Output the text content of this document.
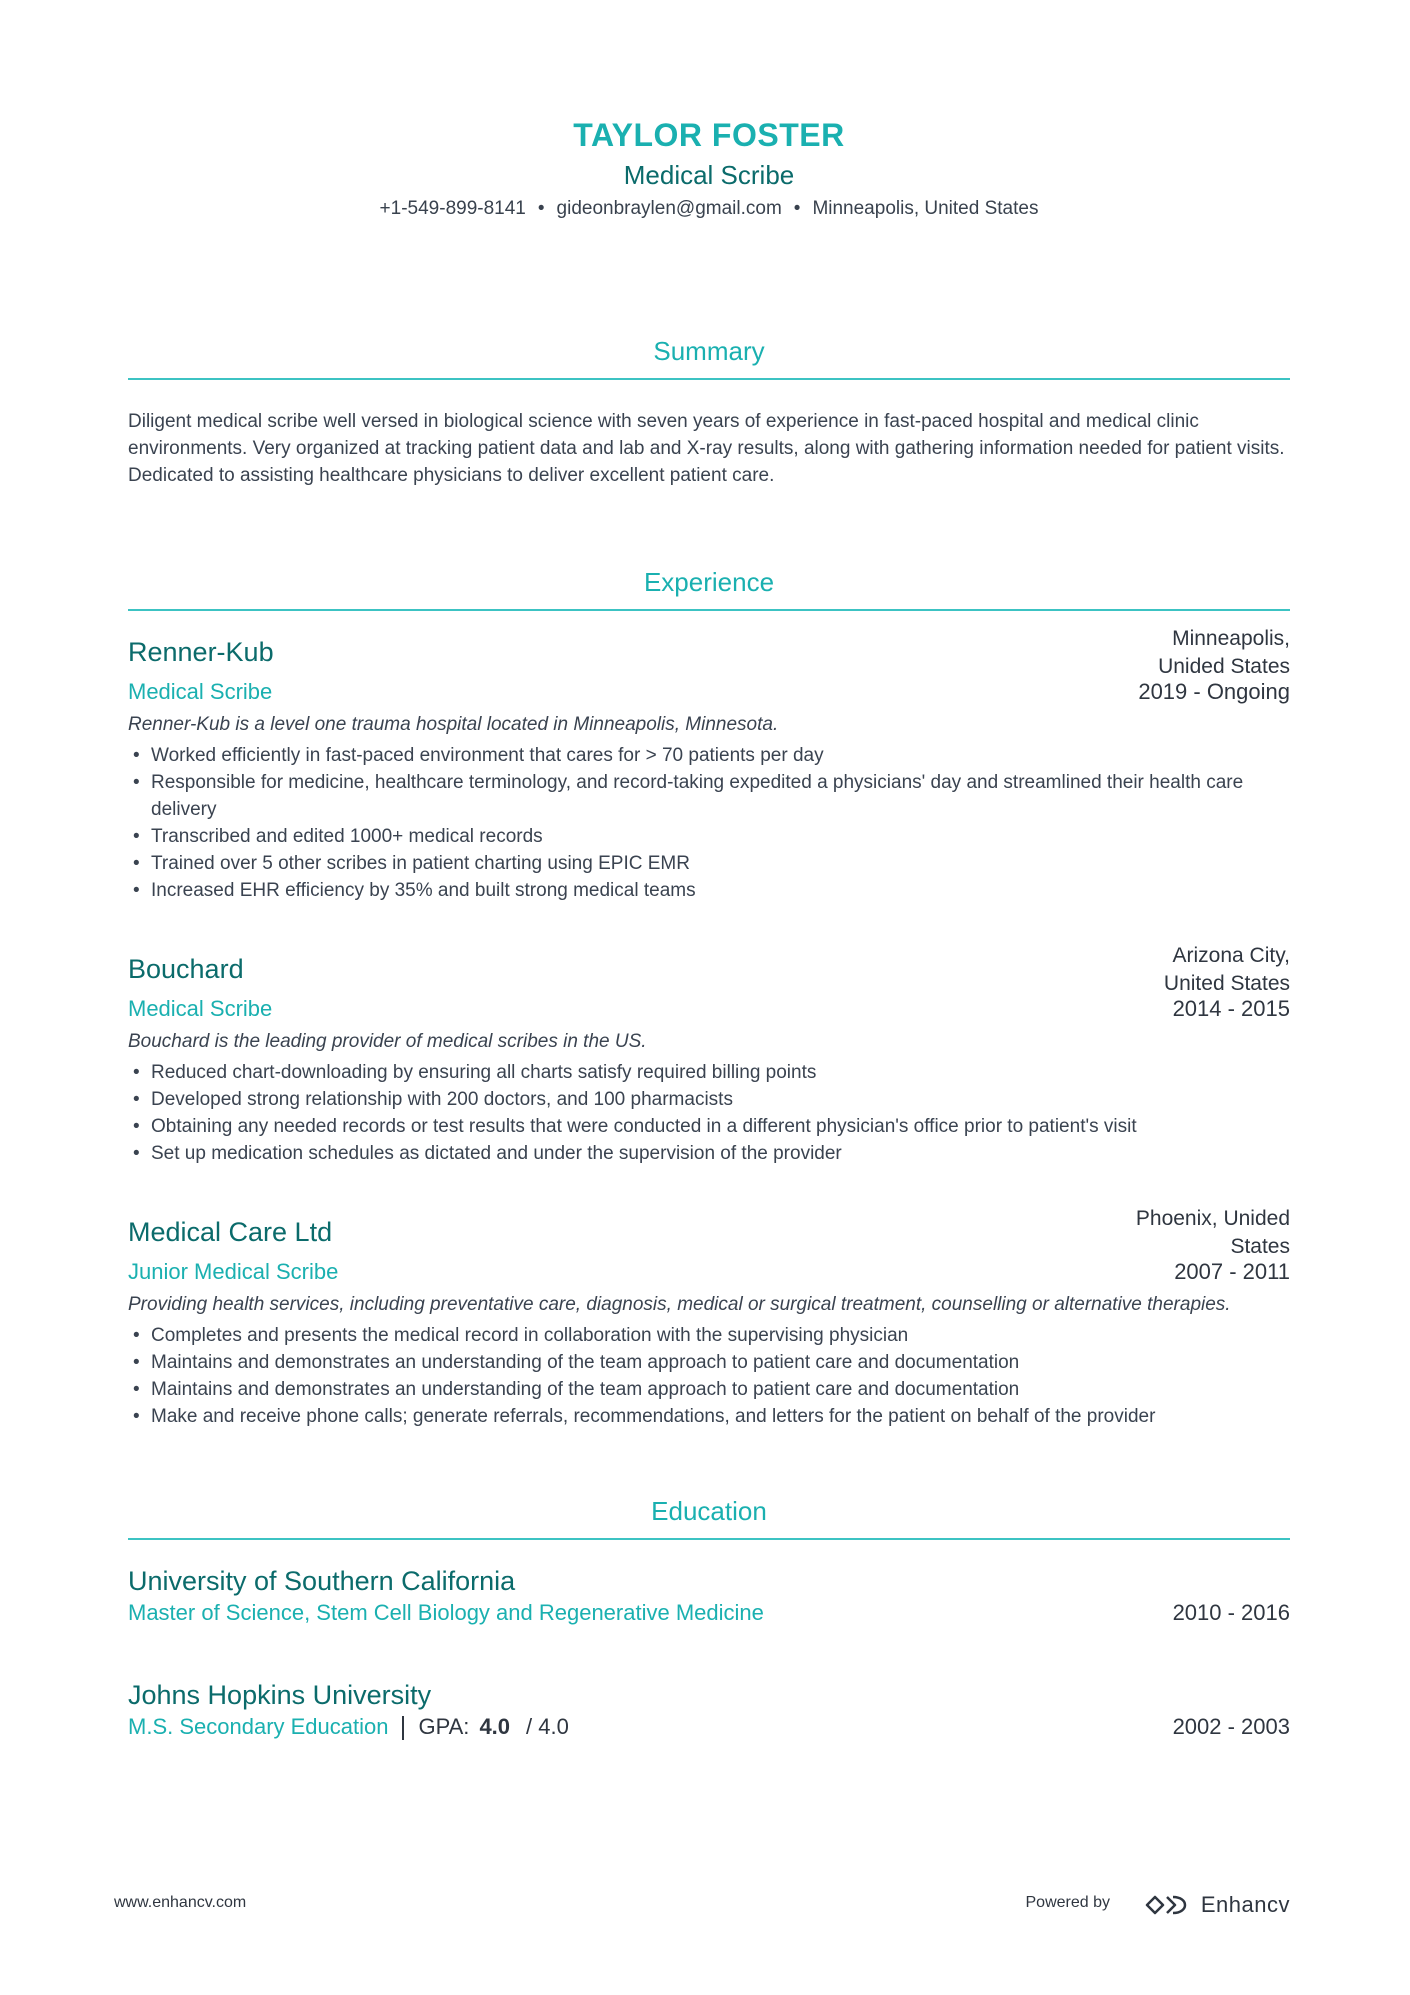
TAYLOR FOSTER
Medical Scribe
+1-549-899-8141 • gideonbraylen@gmail.com • Minneapolis, United States
Summary
Diligent medical scribe well versed in biological science with seven years of experience in fast-paced hospital and medical clinic environments. Very organized at tracking patient data and lab and X-ray results, along with gathering information needed for patient visits. Dedicated to assisting healthcare physicians to deliver excellent patient care.
Experience
Renner-Kub	Minneapolis,
Unided States
Medical Scribe	2019 - Ongoing
Renner-Kub is a level one trauma hospital located in Minneapolis, Minnesota.
• Worked efficiently in fast-paced environment that cares for > 70 patients per day
• Responsible for medicine, healthcare terminology, and record-taking expedited a physicians' day and streamlined their health care delivery
• Transcribed and edited 1000+ medical records
• Trained over 5 other scribes in patient charting using EPIC EMR
• Increased EHR efficiency by 35% and built strong medical teams
Bouchard	Arizona City,
United States
Medical Scribe	2014 - 2015
Bouchard is the leading provider of medical scribes in the US.
• Reduced chart-downloading by ensuring all charts satisfy required billing points
• Developed strong relationship with 200 doctors, and 100 pharmacists
• Obtaining any needed records or test results that were conducted in a different physician's office prior to patient's visit
• Set up medication schedules as dictated and under the supervision of the provider
Medical Care Ltd	Phoenix, Unided
States
Junior Medical Scribe	2007 - 2011
Providing health services, including preventative care, diagnosis, medical or surgical treatment, counselling or alternative therapies.
• Completes and presents the medical record in collaboration with the supervising physician
• Maintains and demonstrates an understanding of the team approach to patient care and documentation
• Maintains and demonstrates an understanding of the team approach to patient care and documentation
• Make and receive phone calls; generate referrals, recommendations, and letters for the patient on behalf of the provider
Education
University of Southern California
Master of Science, Stem Cell Biology and Regenerative Medicine	2010 - 2016
Johns Hopkins University
M.S. Secondary Education GPA: 4.0 / 4.0	2002 - 2003
www.enhancv.com	Powered by	Enhancv
